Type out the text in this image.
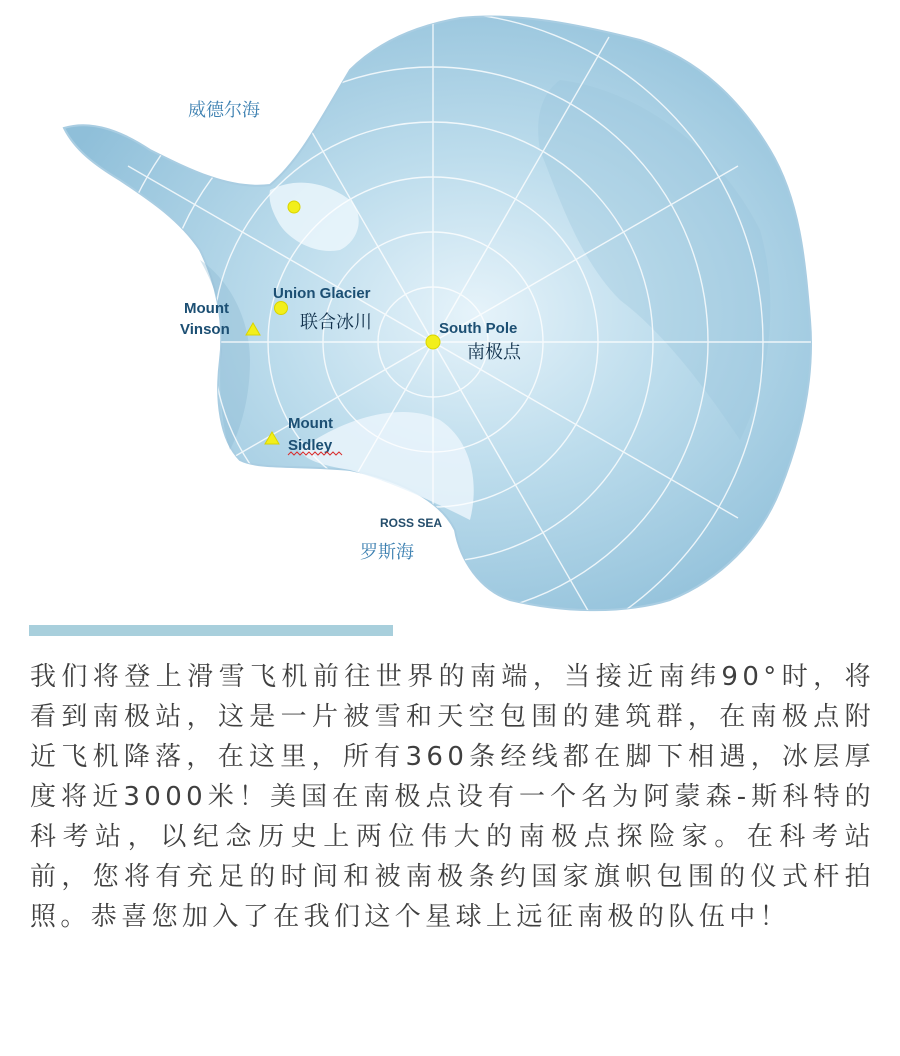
威德尔海
ROSS SEA
罗斯海
Union Glacier
联合冰川
Mount
Vinson	South Pole
南极点
Mount
Sidley

我们将登上滑雪飞机前往世界的南端，当接近南纬90°时，将看到南极站，这是一片被雪和天空包围的建筑群，在南极点附近飞机降落，在这里，所有360条经线都在脚下相遇，冰层厚度将近3000米！美国在南极点设有一个名为阿蒙森-斯科特的科考站，以纪念历史上两位伟大的南极点探险家。在科考站前，您将有充足的时间和被南极条约国家旗帜包围的仪式杆拍照。恭喜您加入了在我们这个星球上远征南极的队伍中！
